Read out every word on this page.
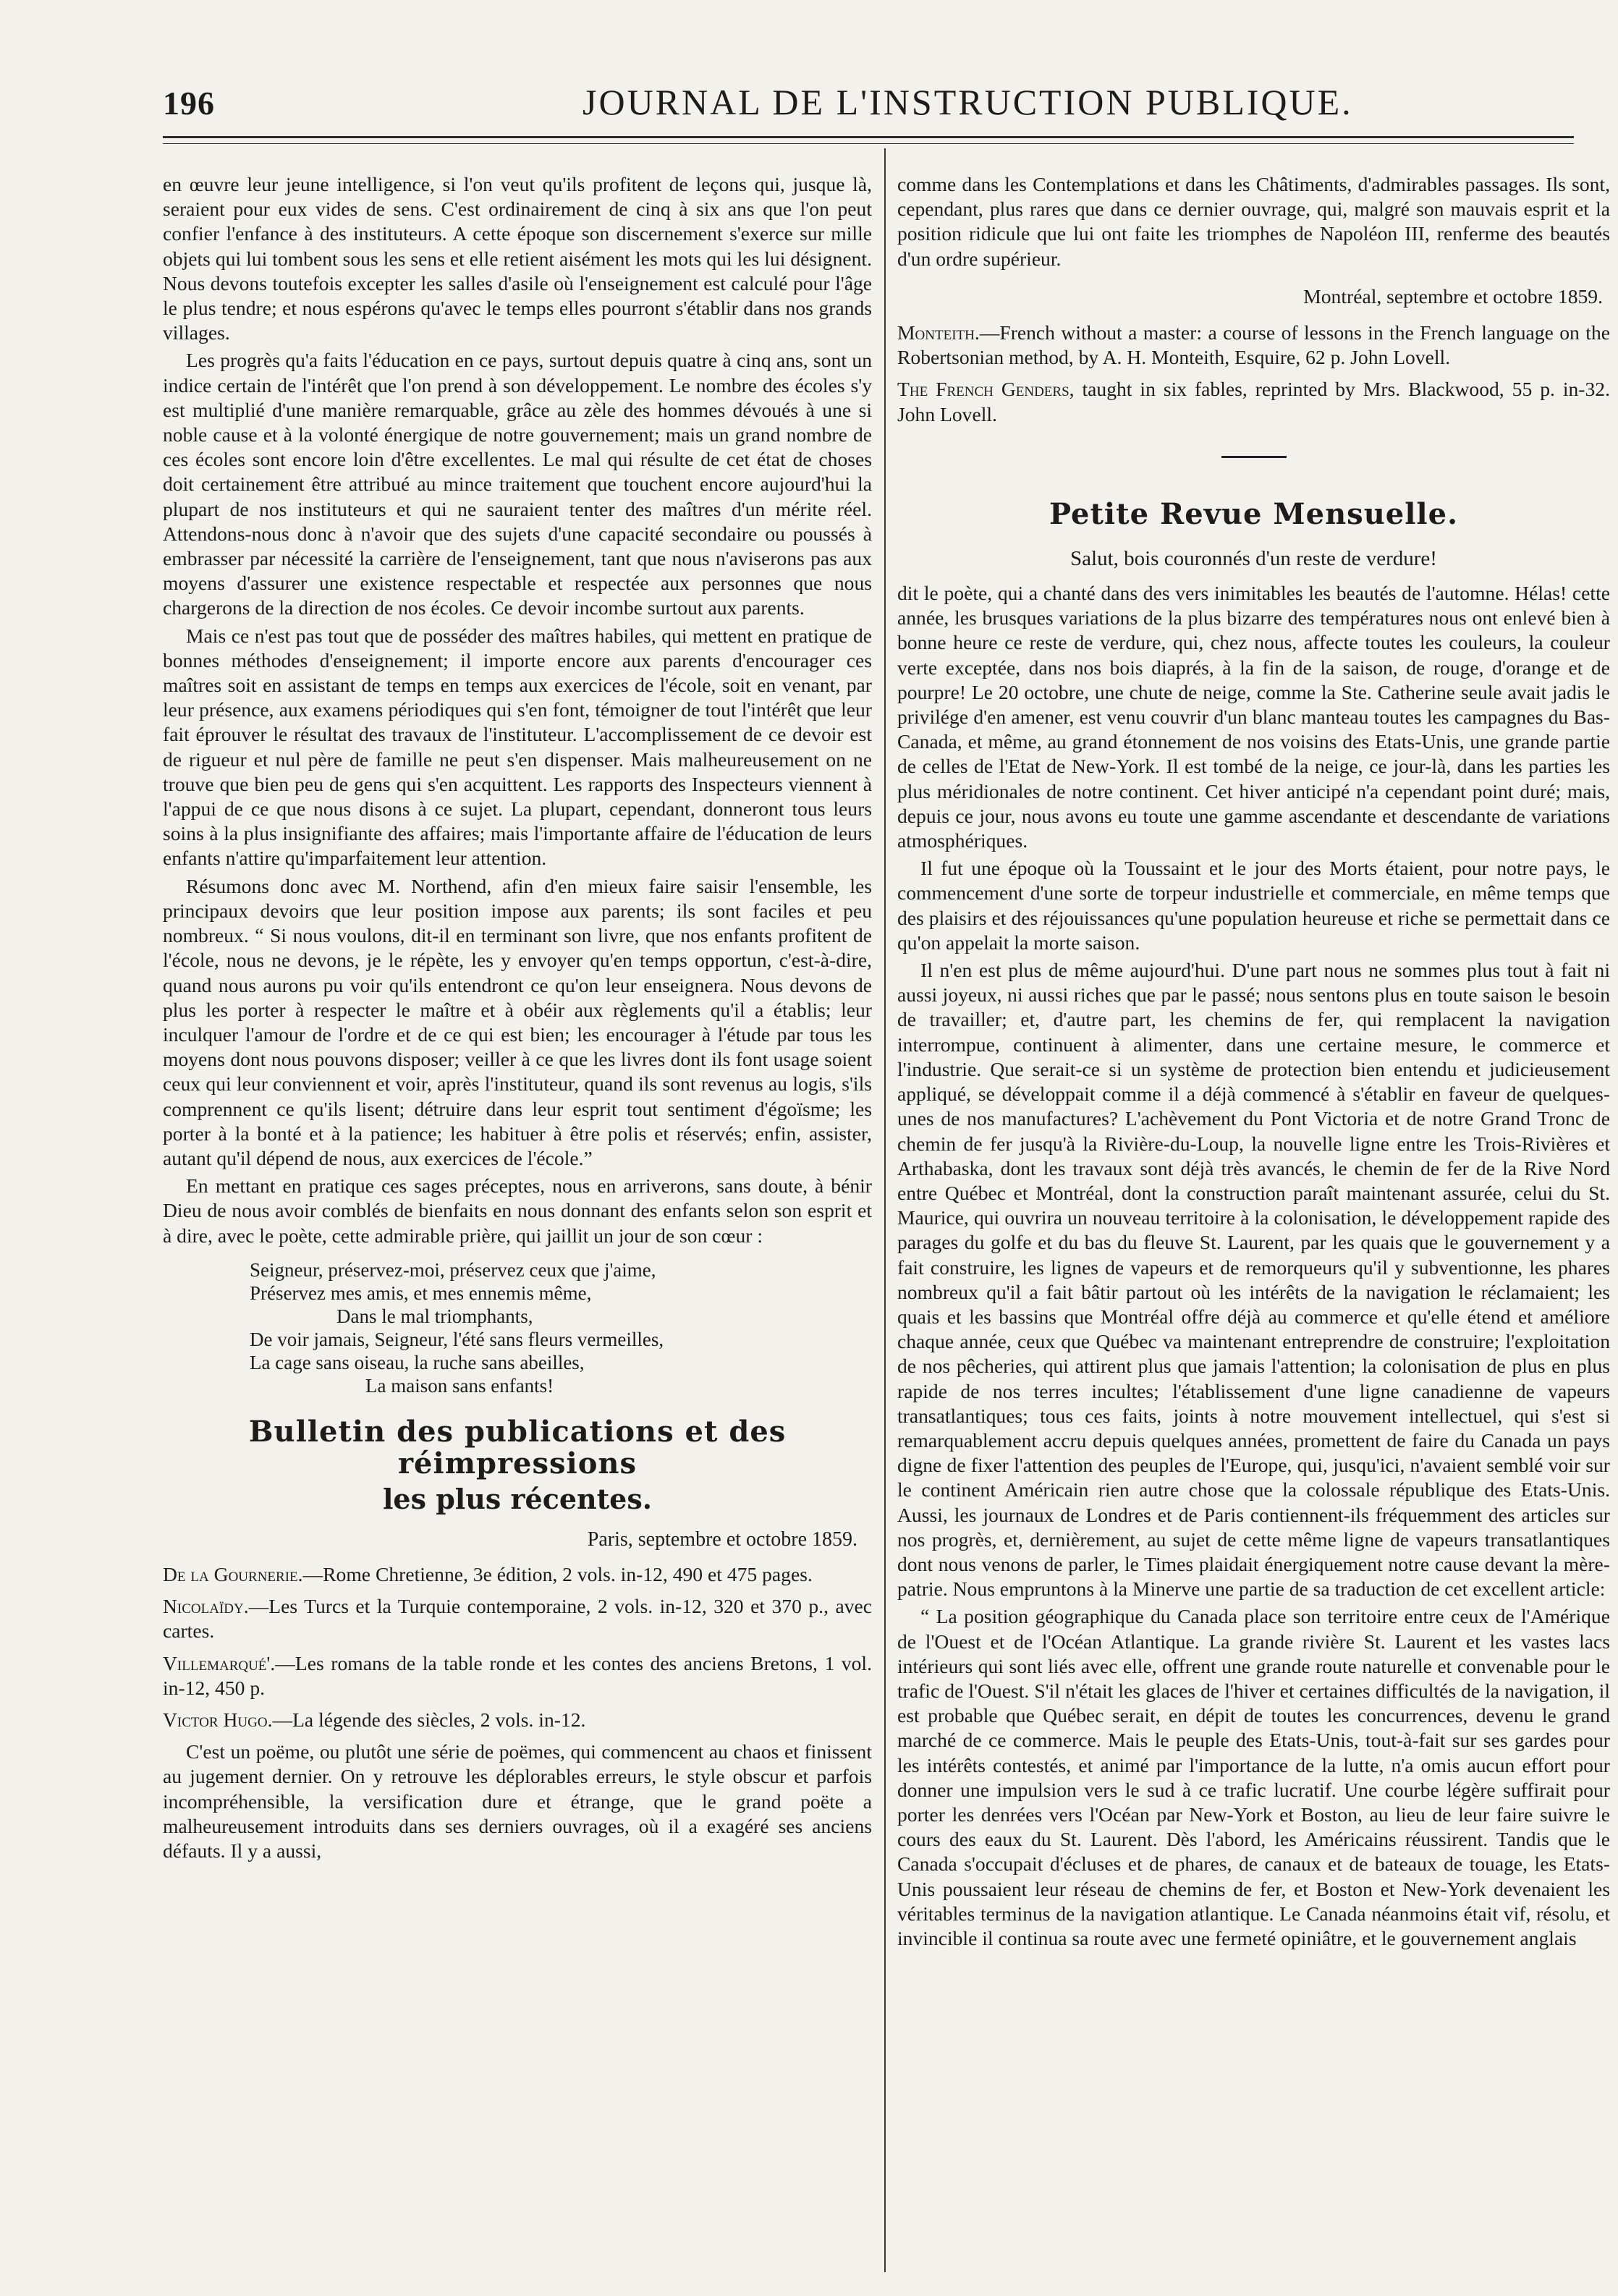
196	JOURNAL DE L'INSTRUCTION PUBLIQUE.

en œuvre leur jeune intelligence, si l'on veut qu'ils profitent de leçons qui, jusque là, seraient pour eux vides de sens. C'est ordinairement de cinq à six ans que l'on peut confier l'enfance à des instituteurs. A cette époque son discernement s'exerce sur mille objets qui lui tombent sous les sens et elle retient aisément les mots qui les lui désignent. Nous devons toutefois excepter les salles d'asile où l'enseignement est calculé pour l'âge le plus tendre; et nous espérons qu'avec le temps elles pourront s'établir dans nos grands villages.

Les progrès qu'a faits l'éducation en ce pays, surtout depuis quatre à cinq ans, sont un indice certain de l'intérêt que l'on prend à son développement. Le nombre des écoles s'y est multiplié d'une manière remarquable, grâce au zèle des hommes dévoués à une si noble cause et à la volonté énergique de notre gouvernement; mais un grand nombre de ces écoles sont encore loin d'être excellentes. Le mal qui résulte de cet état de choses doit certainement être attribué au mince traitement que touchent encore aujourd'hui la plupart de nos instituteurs et qui ne sauraient tenter des maîtres d'un mérite réel. Attendons-nous donc à n'avoir que des sujets d'une capacité secondaire ou poussés à embrasser par nécessité la carrière de l'enseignement, tant que nous n'aviserons pas aux moyens d'assurer une existence respectable et respectée aux personnes que nous chargerons de la direction de nos écoles. Ce devoir incombe surtout aux parents.

Mais ce n'est pas tout que de posséder des maîtres habiles, qui mettent en pratique de bonnes méthodes d'enseignement; il importe encore aux parents d'encourager ces maîtres soit en assistant de temps en temps aux exercices de l'école, soit en venant, par leur présence, aux examens périodiques qui s'en font, témoigner de tout l'intérêt que leur fait éprouver le résultat des travaux de l'instituteur. L'accomplissement de ce devoir est de rigueur et nul père de famille ne peut s'en dispenser. Mais malheureusement on ne trouve que bien peu de gens qui s'en acquittent. Les rapports des Inspecteurs viennent à l'appui de ce que nous disons à ce sujet. La plupart, cependant, donneront tous leurs soins à la plus insignifiante des affaires; mais l'importante affaire de l'éducation de leurs enfants n'attire qu'imparfaitement leur attention.

Résumons donc avec M. Northend, afin d'en mieux faire saisir l'ensemble, les principaux devoirs que leur position impose aux parents; ils sont faciles et peu nombreux. “ Si nous voulons, dit-il en terminant son livre, que nos enfants profitent de l'école, nous ne devons, je le répète, les y envoyer qu'en temps opportun, c'est-à-dire, quand nous aurons pu voir qu'ils entendront ce qu'on leur enseignera. Nous devons de plus les porter à respecter le maître et à obéir aux règlements qu'il a établis; leur inculquer l'amour de l'ordre et de ce qui est bien; les encourager à l'étude par tous les moyens dont nous pouvons disposer; veiller à ce que les livres dont ils font usage soient ceux qui leur conviennent et voir, après l'instituteur, quand ils sont revenus au logis, s'ils comprennent ce qu'ils lisent; détruire dans leur esprit tout sentiment d'égoïsme; les porter à la bonté et à la patience; les habituer à être polis et réservés; enfin, assister, autant qu'il dépend de nous, aux exercices de l'école.”

En mettant en pratique ces sages préceptes, nous en arriverons, sans doute, à bénir Dieu de nous avoir comblés de bienfaits en nous donnant des enfants selon son esprit et à dire, avec le poète, cette admirable prière, qui jaillit un jour de son cœur :

Seigneur, préservez-moi, préservez ceux que j'aime,
Préservez mes amis, et mes ennemis même,
Dans le mal triomphants,
De voir jamais, Seigneur, l'été sans fleurs vermeilles,
La cage sans oiseau, la ruche sans abeilles,
La maison sans enfants!
Bulletin des publications et des réimpressions
les plus récentes.
Paris, septembre et octobre 1859.

De la Gournerie.—Rome Chretienne, 3e édition, 2 vols. in-12, 490 et 475 pages.

Nicolaïdy.—Les Turcs et la Turquie contemporaine, 2 vols. in-12, 320 et 370 p., avec cartes.

Villemarqué'.—Les romans de la table ronde et les contes des anciens Bretons, 1 vol. in-12, 450 p.

Victor Hugo.—La légende des siècles, 2 vols. in-12.

C'est un poëme, ou plutôt une série de poëmes, qui commencent au chaos et finissent au jugement dernier. On y retrouve les déplorables erreurs, le style obscur et parfois incompréhensible, la versification dure et étrange, que le grand poëte a malheureusement introduits dans ses derniers ouvrages, où il a exagéré ses anciens défauts. Il y a aussi,

comme dans les Contemplations et dans les Châtiments, d'admirables passages. Ils sont, cependant, plus rares que dans ce dernier ouvrage, qui, malgré son mauvais esprit et la position ridicule que lui ont faite les triomphes de Napoléon III, renferme des beautés d'un ordre supérieur.

Montréal, septembre et octobre 1859.

Monteith.—French without a master: a course of lessons in the French language on the Robertsonian method, by A. H. Monteith, Esquire, 62 p. John Lovell.

The French Genders, taught in six fables, reprinted by Mrs. Blackwood, 55 p. in-32. John Lovell.

Petite Revue Mensuelle.
Salut, bois couronnés d'un reste de verdure!

dit le poète, qui a chanté dans des vers inimitables les beautés de l'automne. Hélas! cette année, les brusques variations de la plus bizarre des températures nous ont enlevé bien à bonne heure ce reste de verdure, qui, chez nous, affecte toutes les couleurs, la couleur verte exceptée, dans nos bois diaprés, à la fin de la saison, de rouge, d'orange et de pourpre! Le 20 octobre, une chute de neige, comme la Ste. Catherine seule avait jadis le privilége d'en amener, est venu couvrir d'un blanc manteau toutes les campagnes du Bas-Canada, et même, au grand étonnement de nos voisins des Etats-Unis, une grande partie de celles de l'Etat de New-York. Il est tombé de la neige, ce jour-là, dans les parties les plus méridionales de notre continent. Cet hiver anticipé n'a cependant point duré; mais, depuis ce jour, nous avons eu toute une gamme ascendante et descendante de variations atmosphériques.

Il fut une époque où la Toussaint et le jour des Morts étaient, pour notre pays, le commencement d'une sorte de torpeur industrielle et commerciale, en même temps que des plaisirs et des réjouissances qu'une population heureuse et riche se permettait dans ce qu'on appelait la morte saison.

Il n'en est plus de même aujourd'hui. D'une part nous ne sommes plus tout à fait ni aussi joyeux, ni aussi riches que par le passé; nous sentons plus en toute saison le besoin de travailler; et, d'autre part, les chemins de fer, qui remplacent la navigation interrompue, continuent à alimenter, dans une certaine mesure, le commerce et l'industrie. Que serait-ce si un système de protection bien entendu et judicieusement appliqué, se développait comme il a déjà commencé à s'établir en faveur de quelques-unes de nos manufactures? L'achèvement du Pont Victoria et de notre Grand Tronc de chemin de fer jusqu'à la Rivière-du-Loup, la nouvelle ligne entre les Trois-Rivières et Arthabaska, dont les travaux sont déjà très avancés, le chemin de fer de la Rive Nord entre Québec et Montréal, dont la construction paraît maintenant assurée, celui du St. Maurice, qui ouvrira un nouveau territoire à la colonisation, le développement rapide des parages du golfe et du bas du fleuve St. Laurent, par les quais que le gouvernement y a fait construire, les lignes de vapeurs et de remorqueurs qu'il y subventionne, les phares nombreux qu'il a fait bâtir partout où les intérêts de la navigation le réclamaient; les quais et les bassins que Montréal offre déjà au commerce et qu'elle étend et améliore chaque année, ceux que Québec va maintenant entreprendre de construire; l'exploitation de nos pêcheries, qui attirent plus que jamais l'attention; la colonisation de plus en plus rapide de nos terres incultes; l'établissement d'une ligne canadienne de vapeurs transatlantiques; tous ces faits, joints à notre mouvement intellectuel, qui s'est si remarquablement accru depuis quelques années, promettent de faire du Canada un pays digne de fixer l'attention des peuples de l'Europe, qui, jusqu'ici, n'avaient semblé voir sur le continent Américain rien autre chose que la colossale république des Etats-Unis. Aussi, les journaux de Londres et de Paris contiennent-ils fréquemment des articles sur nos progrès, et, dernièrement, au sujet de cette même ligne de vapeurs transatlantiques dont nous venons de parler, le Times plaidait énergiquement notre cause devant la mère-patrie. Nous empruntons à la Minerve une partie de sa traduction de cet excellent article:

“ La position géographique du Canada place son territoire entre ceux de l'Amérique de l'Ouest et de l'Océan Atlantique. La grande rivière St. Laurent et les vastes lacs intérieurs qui sont liés avec elle, offrent une grande route naturelle et convenable pour le trafic de l'Ouest. S'il n'était les glaces de l'hiver et certaines difficultés de la navigation, il est probable que Québec serait, en dépit de toutes les concurrences, devenu le grand marché de ce commerce. Mais le peuple des Etats-Unis, tout-à-fait sur ses gardes pour les intérêts contestés, et animé par l'importance de la lutte, n'a omis aucun effort pour donner une impulsion vers le sud à ce trafic lucratif. Une courbe légère suffirait pour porter les denrées vers l'Océan par New-York et Boston, au lieu de leur faire suivre le cours des eaux du St. Laurent. Dès l'abord, les Américains réussirent. Tandis que le Canada s'occupait d'écluses et de phares, de canaux et de bateaux de touage, les Etats-Unis poussaient leur réseau de chemins de fer, et Boston et New-York devenaient les véritables terminus de la navigation atlantique. Le Canada néanmoins était vif, résolu, et invincible il continua sa route avec une fermeté opiniâtre, et le gouvernement anglais
